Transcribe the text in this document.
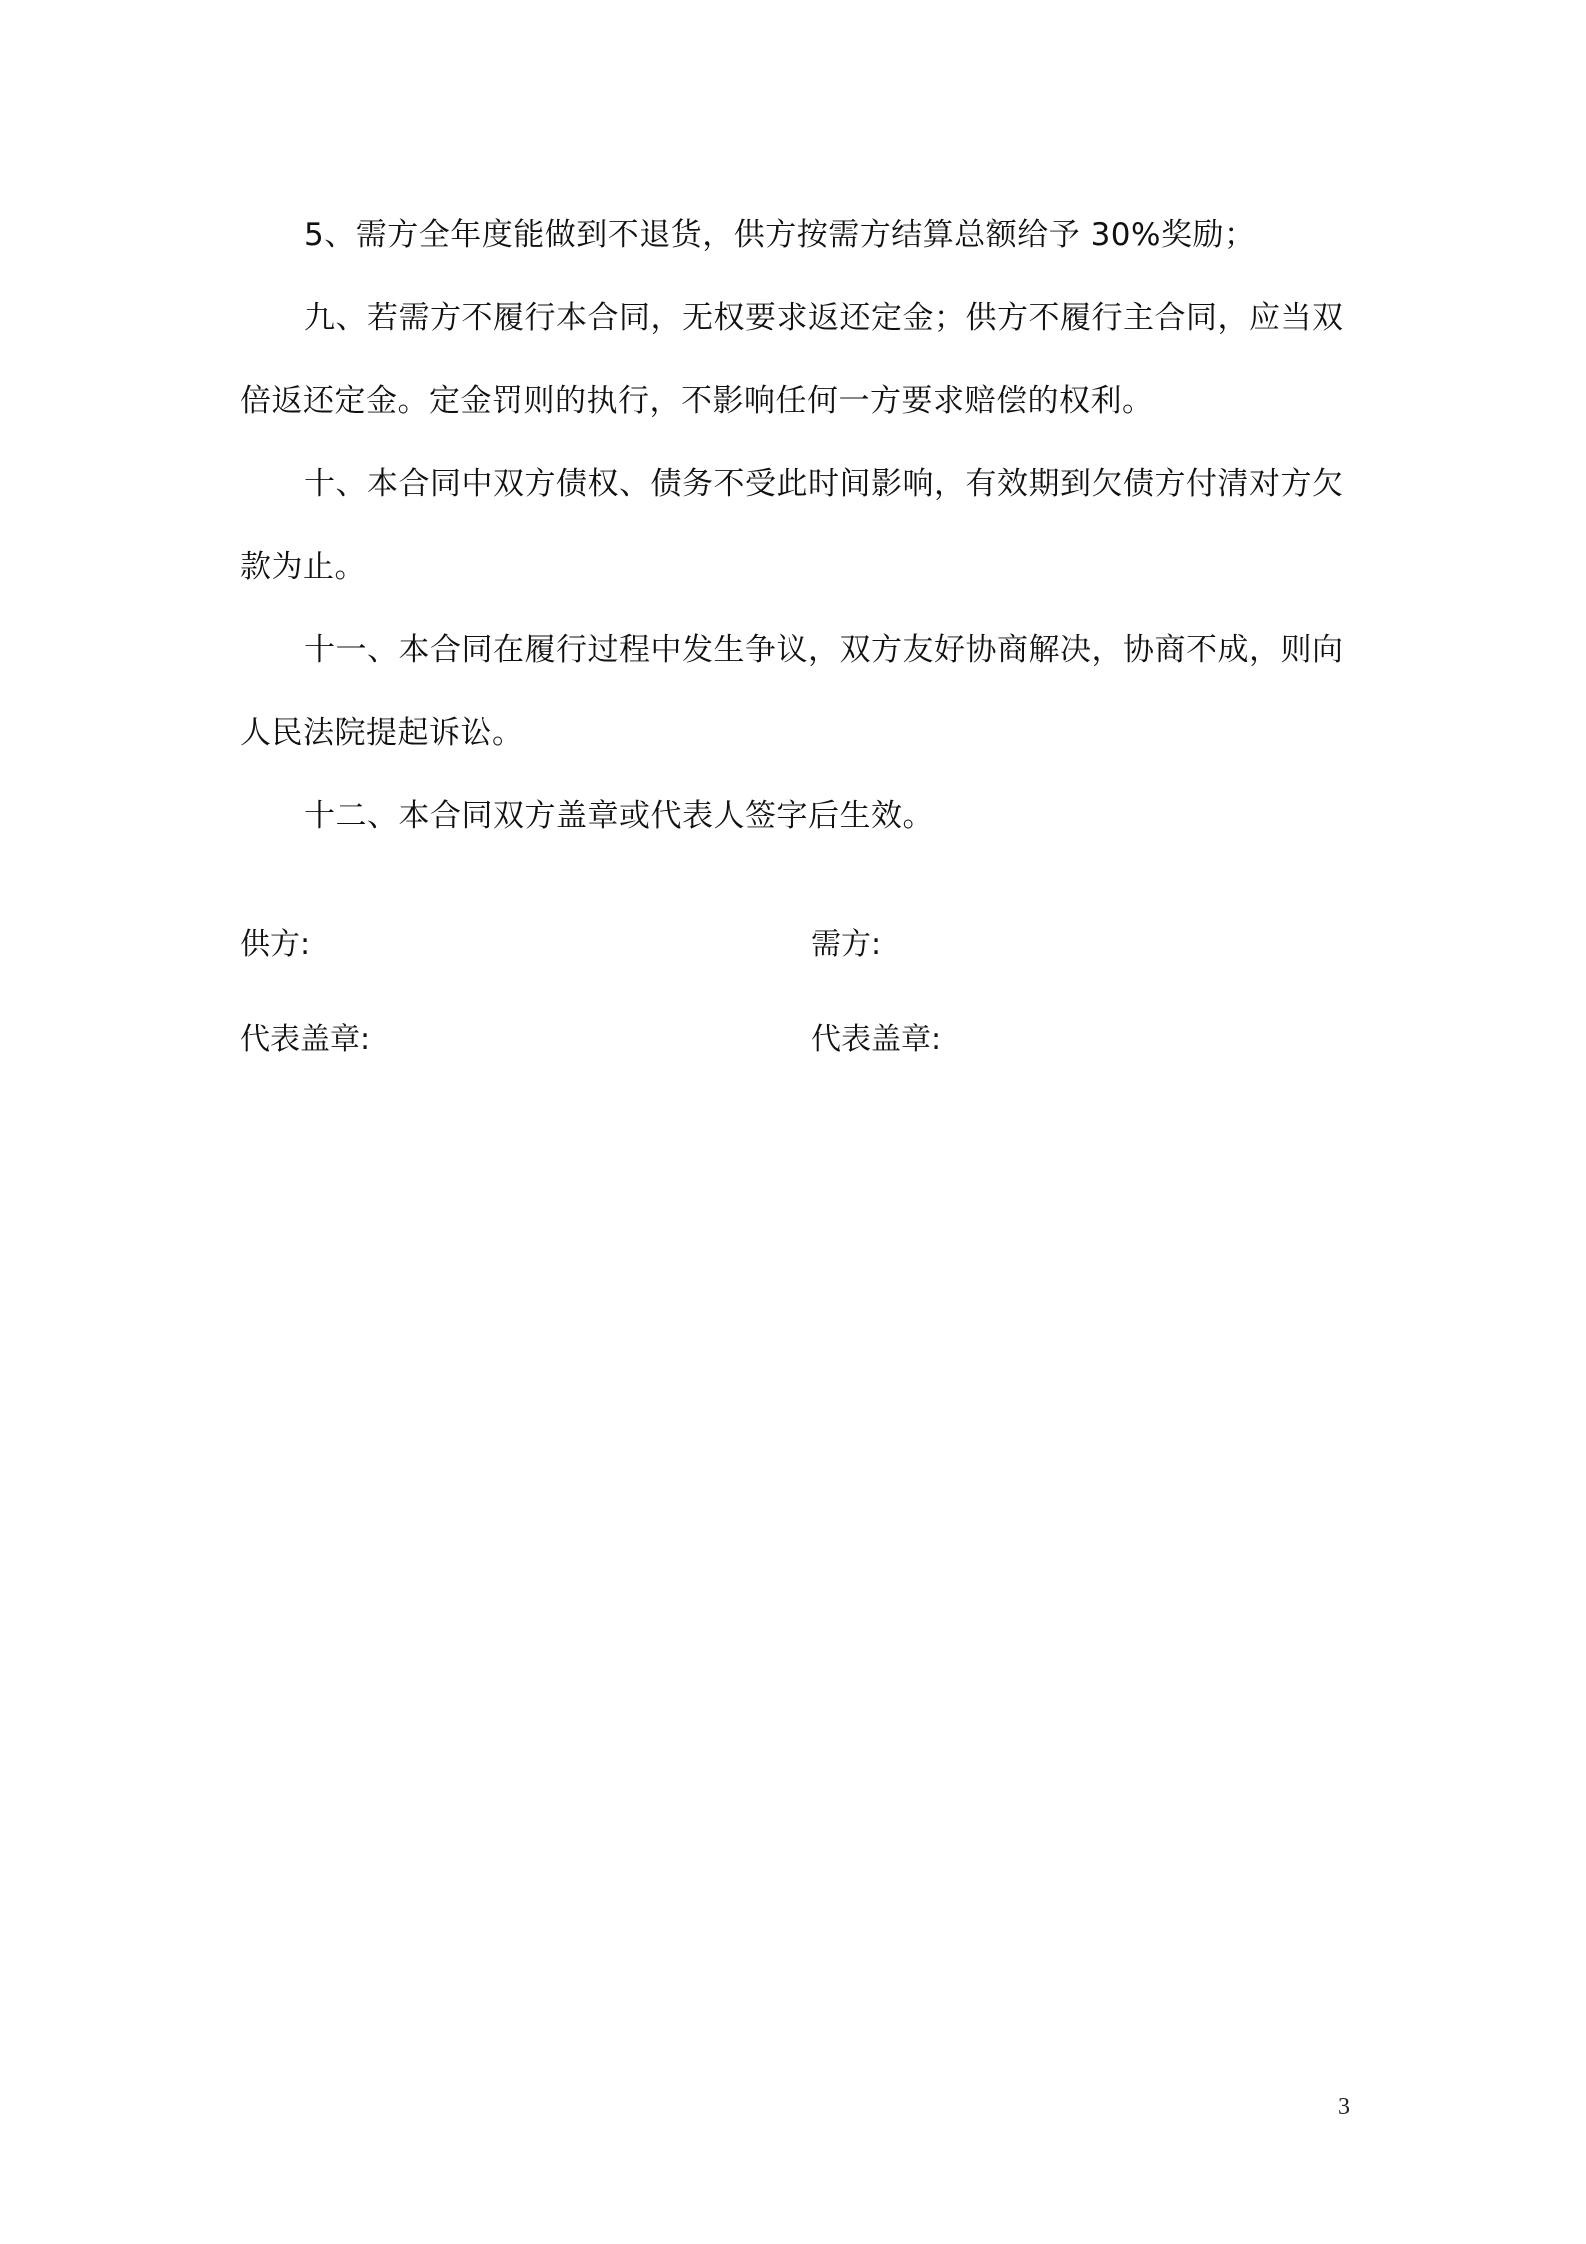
5、需方全年度能做到不退货，供方按需方结算总额给予 30%奖励；

九、若需方不履行本合同，无权要求返还定金；供方不履行主合同，应当双倍返还定金。定金罚则的执行，不影响任何一方要求赔偿的权利。

十、本合同中双方债权、债务不受此时间影响，有效期到欠债方付清对方欠款为止。

十一、本合同在履行过程中发生争议，双方友好协商解决，协商不成，则向人民法院提起诉讼。

十二、本合同双方盖章或代表人签字后生效。

供方:	需方:

代表盖章:	代表盖章:

3
